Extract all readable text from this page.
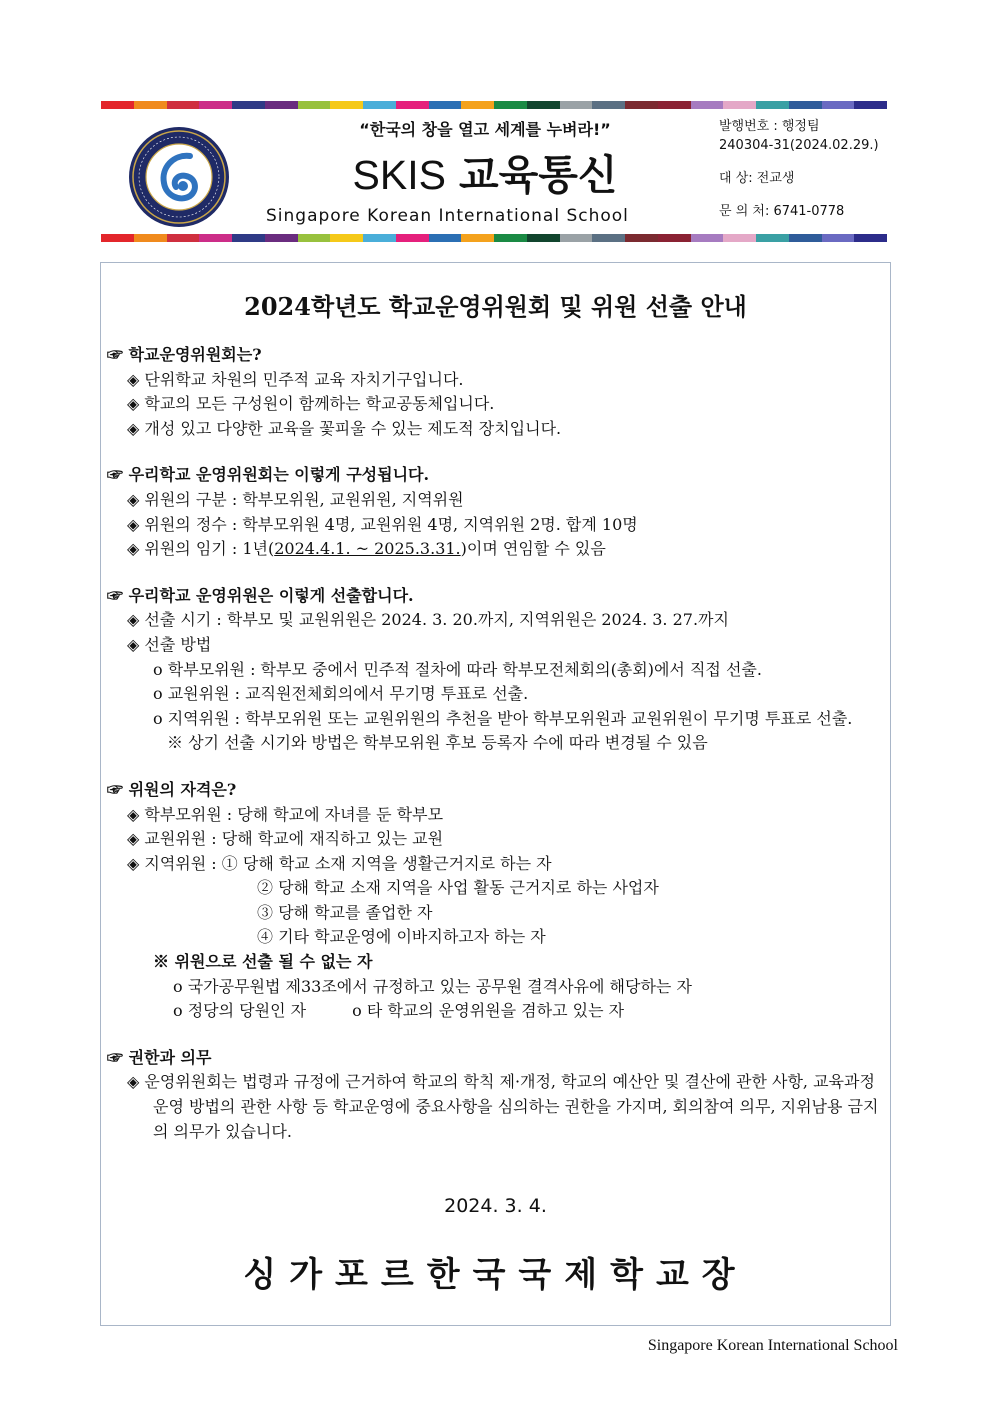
“한국의 창을 열고 세계를 누벼라!”
SKIS 교육통신
Singapore Korean International School
발행번호 : 행정팀
240304-31(2024.02.29.)
대 상: 전교생
문 의 처: 6741-0778
2024학년도 학교운영위원회 및 위원 선출 안내
☞ 학교운영위원회는?
◈ 단위학교 차원의 민주적 교육 자치기구입니다.
◈ 학교의 모든 구성원이 함께하는 학교공동체입니다.
◈ 개성 있고 다양한 교육을 꽃피울 수 있는 제도적 장치입니다.
☞ 우리학교 운영위원회는 이렇게 구성됩니다.
◈ 위원의 구분 : 학부모위원, 교원위원, 지역위원
◈ 위원의 정수 : 학부모위원 4명, 교원위원 4명, 지역위원 2명. 합계 10명
◈ 위원의 임기 : 1년(2024.4.1. ~ 2025.3.31.)이며 연임할 수 있음
☞ 우리학교 운영위원은 이렇게 선출합니다.
◈ 선출 시기 : 학부모 및 교원위원은 2024. 3. 20.까지, 지역위원은 2024. 3. 27.까지
◈ 선출 방법
o 학부모위원 : 학부모 중에서 민주적 절차에 따라 학부모전체회의(총회)에서 직접 선출.
o 교원위원 : 교직원전체회의에서 무기명 투표로 선출.
o 지역위원 : 학부모위원 또는 교원위원의 추천을 받아 학부모위원과 교원위원이 무기명 투표로 선출.
※ 상기 선출 시기와 방법은 학부모위원 후보 등록자 수에 따라 변경될 수 있음
☞ 위원의 자격은?
◈ 학부모위원 : 당해 학교에 자녀를 둔 학부모
◈ 교원위원 : 당해 학교에 재직하고 있는 교원
◈ 지역위원 : ① 당해 학교 소재 지역을 생활근거지로 하는 자
② 당해 학교 소재 지역을 사업 활동 근거지로 하는 사업자
③ 당해 학교를 졸업한 자
④ 기타 학교운영에 이바지하고자 하는 자
※ 위원으로 선출 될 수 없는 자
o 국가공무원법 제33조에서 규정하고 있는 공무원 결격사유에 해당하는 자
o 정당의 당원인 자	o 타 학교의 운영위원을 겸하고 있는 자
☞ 권한과 의무
◈ 운영위원회는 법령과 규정에 근거하여 학교의 학칙 제·개정, 학교의 예산안 및 결산에 관한 사항, 교육과정 운영 방법의 관한 사항 등 학교운영에 중요사항을 심의하는 권한을 가지며, 회의참여 의무, 지위남용 금지의 의무가 있습니다.
2024. 3. 4.
싱가포르한국국제학교장
Singapore Korean International School
